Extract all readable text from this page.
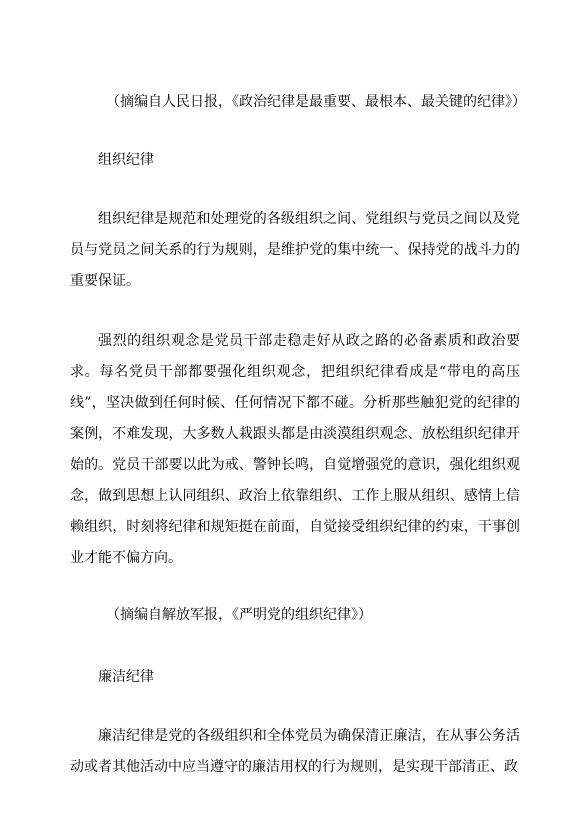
（摘编自人民日报，《政治纪律是最重要、最根本、最关键的纪律》）

组织纪律

组织纪律是规范和处理党的各级组织之间、党组织与党员之间以及党员与党员之间关系的行为规则，是维护党的集中统一、保持党的战斗力的重要保证。

强烈的组织观念是党员干部走稳走好从政之路的必备素质和政治要求。每名党员干部都要强化组织观念，把组织纪律看成是“带电的高压线”，坚决做到任何时候、任何情况下都不碰。分析那些触犯党的纪律的案例，不难发现，大多数人栽跟头都是由淡漠组织观念、放松组织纪律开始的。党员干部要以此为戒、警钟长鸣，自觉增强党的意识，强化组织观念，做到思想上认同组织、政治上依靠组织、工作上服从组织、感情上信赖组织，时刻将纪律和规矩挺在前面，自觉接受组织纪律的约束，干事创业才能不偏方向。

（摘编自解放军报，《严明党的组织纪律》）

廉洁纪律

廉洁纪律是党的各级组织和全体党员为确保清正廉洁，在从事公务活动或者其他活动中应当遵守的廉洁用权的行为规则，是实现干部清正、政
